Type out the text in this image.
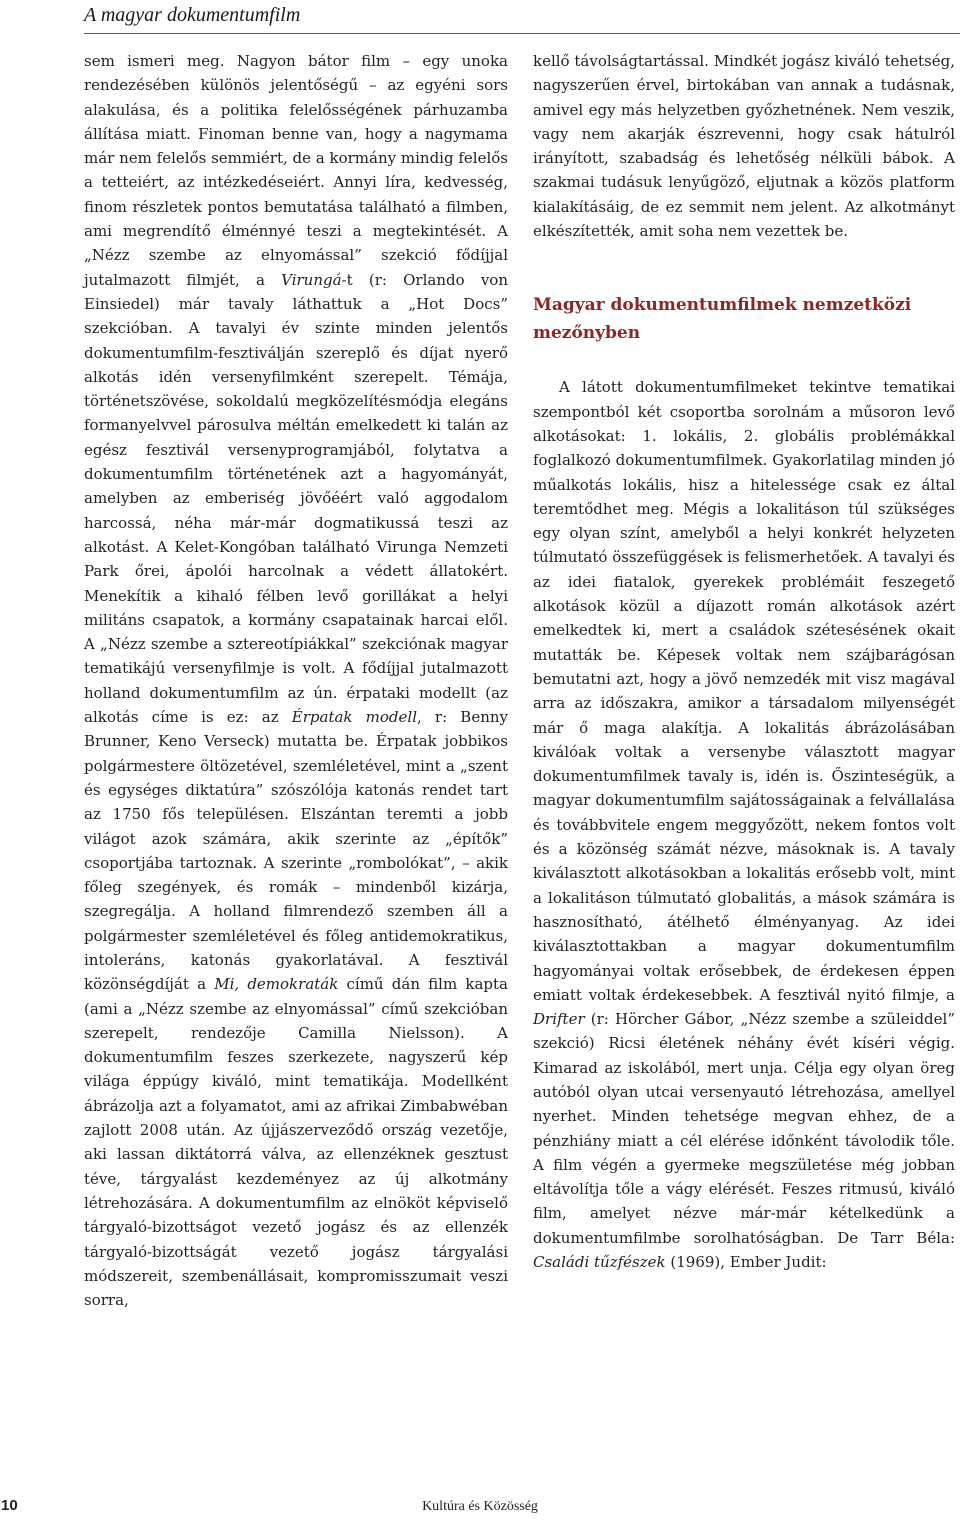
A magyar dokumentumfilm

sem ismeri meg. Nagyon bátor film – egy unoka rendezésében különös jelentőségű – az egyéni sors alakulása, és a politika felelősségének párhuzamba állítása miatt. Finoman benne van, hogy a nagymama már nem felelős semmiért, de a kormány mindig felelős a tetteiért, az intézkedéseiért. Annyi líra, kedvesség, finom részletek pontos bemutatása található a filmben, ami megrendítő élménnyé teszi a megtekintését. A „Nézz szembe az elnyomással” szekció fődíjjal jutalmazott filmjét, a Virungá-t (r: Orlando von Einsiedel) már tavaly láthattuk a „Hot Docs” szekcióban. A tavalyi év szinte minden jelentős dokumentumfilm-fesztiválján szereplő és díjat nyerő alkotás idén versenyfilmként szerepelt. Témája, történetszövése, sokoldalú megközelítésmódja elegáns formanyelvvel párosulva méltán emelkedett ki talán az egész fesztivál versenyprogramjából, folytatva a dokumentumfilm történetének azt a hagyományát, amelyben az emberiség jövőéért való aggodalom harcossá, néha már-már dogmatikussá teszi az alkotást. A Kelet-Kongóban található Virunga Nemzeti Park őrei, ápolói harcolnak a védett állatokért. Menekítik a kihaló félben levő gorillákat a helyi militáns csapatok, a kormány csapatainak harcai elől. A „Nézz szembe a sztereotípiákkal” szekciónak magyar tematikájú versenyfilmje is volt. A fődíjjal jutalmazott holland dokumentumfilm az ún. érpataki modellt (az alkotás címe is ez: az Érpatak modell, r: Benny Brunner, Keno Verseck) mutatta be. Érpatak jobbikos polgármestere öltözetével, szemléletével, mint a „szent és egységes diktatúra” szószólója katonás rendet tart az 1750 fős településen. Elszántan teremti a jobb világot azok számára, akik szerinte az „építők” csoportjába tartoznak. A szerinte „rombolókat”, – akik főleg szegények, és romák – mindenből kizárja, szegregálja. A holland filmrendező szemben áll a polgármester szemléletével és főleg antidemokratikus, intoleráns, katonás gyakorlatával. A fesztivál közönségdíját a Mi, demokraták című dán film kapta (ami a „Nézz szembe az elnyomással” című szekcióban szerepelt, rendezője Camilla Nielsson). A dokumentumfilm feszes szerkezete, nagyszerű kép világa éppúgy kiváló, mint tematikája. Modellként ábrázolja azt a folyamatot, ami az afrikai Zimbabwéban zajlott 2008 után. Az újjászerveződő ország vezetője, aki lassan diktátorrá válva, az ellenzéknek gesztust téve, tárgyalást kezdeményez az új alkotmány létrehozására. A dokumentumfilm az elnököt képviselő tárgyaló-bizottságot vezető jogász és az ellenzék tárgyaló-bizottságát vezető jogász tárgyalási módszereit, szembenállásait, kompromisszumait veszi sorra,

kellő távolságtartással. Mindkét jogász kiváló tehetség, nagyszerűen érvel, birtokában van annak a tudásnak, amivel egy más helyzetben győzhetnének. Nem veszik, vagy nem akarják észrevenni, hogy csak hátulról irányított, szabadság és lehetőség nélküli bábok. A szakmai tudásuk lenyűgöző, eljutnak a közös platform kialakításáig, de ez semmit nem jelent. Az alkotmányt elkészítették, amit soha nem vezettek be.

Magyar dokumentumfilmek nemzetközi mezőnyben

A látott dokumentumfilmeket tekintve tematikai szempontból két csoportba sorolnám a műsoron levő alkotásokat: 1. lokális, 2. globális problémákkal foglalkozó dokumentumfilmek. Gyakorlatilag minden jó műalkotás lokális, hisz a hitelessége csak ez által teremtődhet meg. Mégis a lokalitáson túl szükséges egy olyan színt, amelyből a helyi konkrét helyzeten túlmutató összefüggések is felismerhetőek. A tavalyi és az idei fiatalok, gyerekek problémáit feszegető alkotások közül a díjazott román alkotások azért emelkedtek ki, mert a családok szétesésének okait mutatták be. Képesek voltak nem szájbarágósan bemutatni azt, hogy a jövő nemzedék mit visz magával arra az időszakra, amikor a társadalom milyenségét már ő maga alakítja. A lokalitás ábrázolásában kiválóak voltak a versenybe választott magyar dokumentumfilmek tavaly is, idén is. Őszinteségük, a magyar dokumentumfilm sajátosságainak a felvállalása és továbbvitele engem meggyőzött, nekem fontos volt és a közönség számát nézve, másoknak is. A tavaly kiválasztott alkotásokban a lokalitás erősebb volt, mint a lokalitáson túlmutató globalitás, a mások számára is hasznosítható, átélhető élményanyag. Az idei kiválasztottakban a magyar dokumentumfilm hagyományai voltak erősebbek, de érdekesen éppen emiatt voltak érdekesebbek. A fesztivál nyitó filmje, a Drifter (r: Hörcher Gábor, „Nézz szembe a szüleiddel” szekció) Ricsi életének néhány évét kíséri végig. Kimarad az iskolából, mert unja. Célja egy olyan öreg autóból olyan utcai versenyautó létrehozása, amellyel nyerhet. Minden tehetsége megvan ehhez, de a pénzhiány miatt a cél elérése időnként távolodik tőle. A film végén a gyermeke megszületése még jobban eltávolítja tőle a vágy elérését. Feszes ritmusú, kiváló film, amelyet nézve már-már kételkedünk a dokumentumfilmbe sorolhatóságban. De Tarr Béla: Családi tűzfészek (1969), Ember Judit:

10	Kultúra és Közösség
